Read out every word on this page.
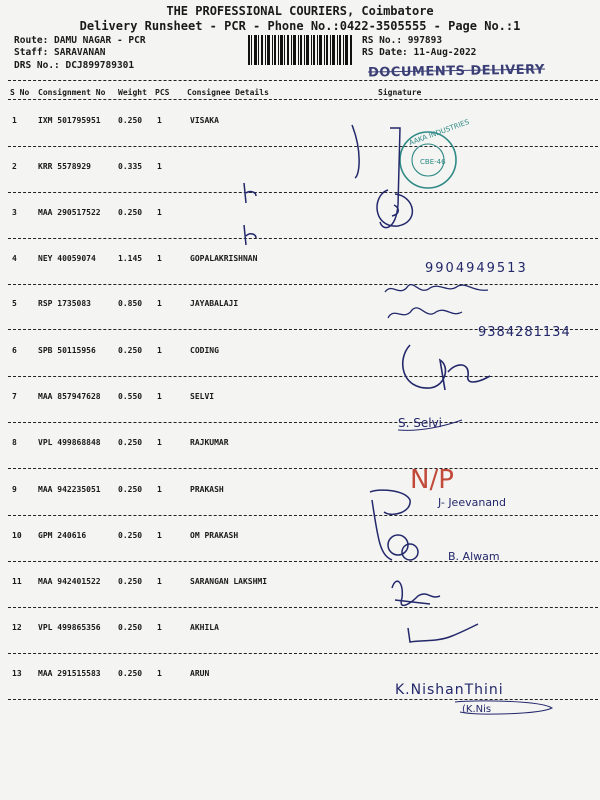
THE PROFESSIONAL COURIERS, Coimbatore
Delivery Runsheet - PCR - Phone No.:0422-3505555 - Page No.:1
Route: DAMU NAGAR - PCR
Staff: SARAVANAN
DRS No.: DCJ899789301
RS No.: 997893
RS Date: 11-Aug-2022
DOCUMENTS DELIVERY
S No Consignment No Weight PCS Consignee Details	Signature
1	IXM 501795951 0.250 1	VISAKA
2	KRR 5578929	0.335 1
3	MAA 290517522 0.250 1
4	NEY 40059074	1.145 1	GOPALAKRISHNAN
5	RSP 1735083	0.850 1	JAYABALAJI
6	SPB 50115956	0.250 1	CODING
7	MAA 857947628 0.550 1	SELVI
8	VPL 499868848 0.250 1	RAJKUMAR
9	MAA 942235051 0.250 1	PRAKASH
10 GPM 240616	0.250 1	OM PRAKASH
11 MAA 942401522 0.250 1	SARANGAN LAKSHMI
12 VPL 499865356 0.250 1	AKHILA
13 MAA 291515583 0.250 1	ARUN
AAKA INDUSTRIES
CBE-46
9904949513
9384281134
S. Selvi
N/P
J- Jeevanand
B. Alwam
K.NishanThini
(K.Nis
